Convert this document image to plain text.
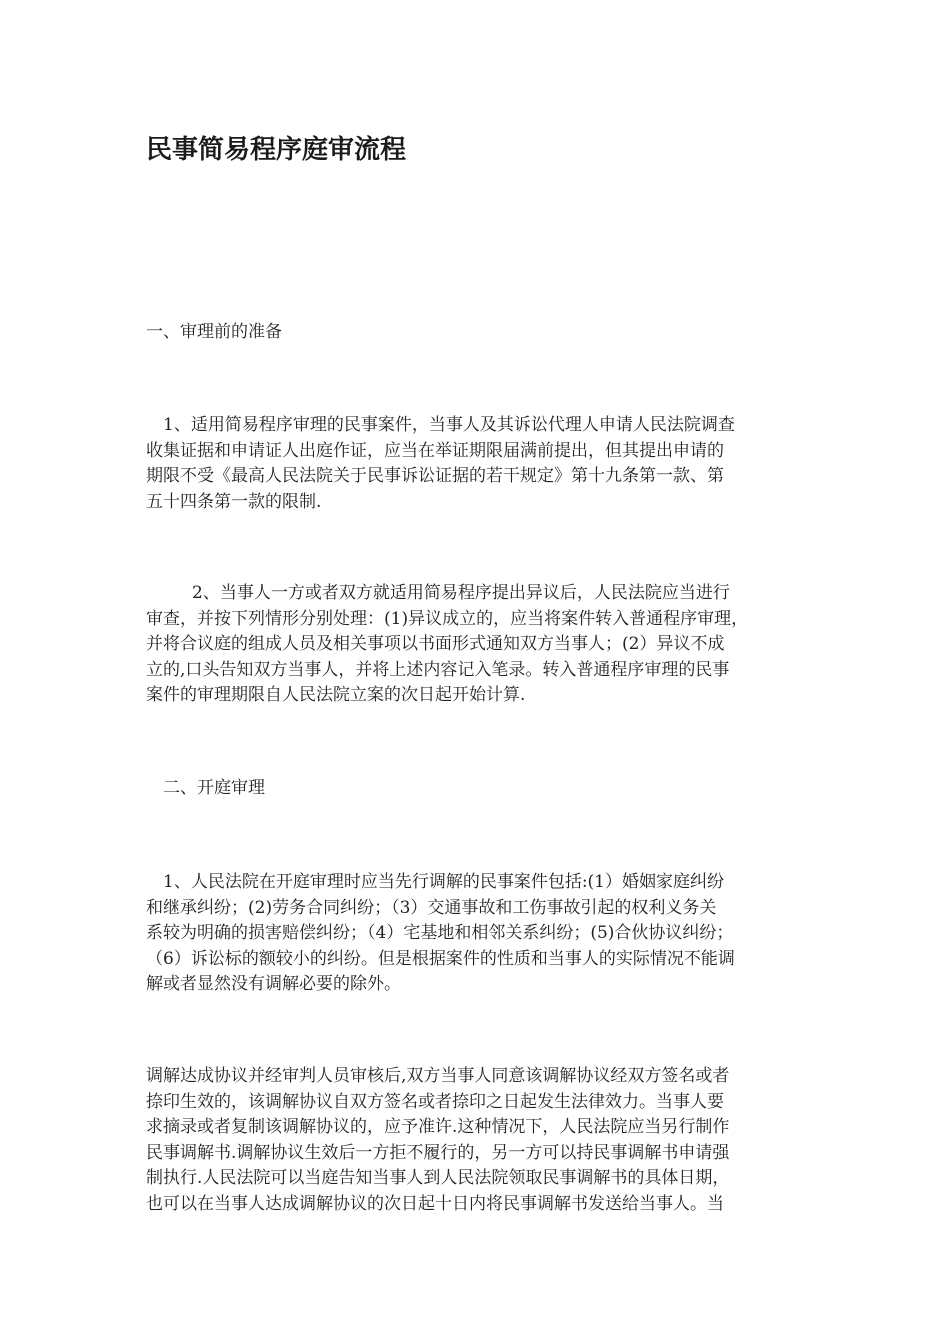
民事简易程序庭审流程

一、审理前的准备

1、适用简易程序审理的民事案件，当事人及其诉讼代理人申请人民法院调查
收集证据和申请证人出庭作证，应当在举证期限届满前提出，但其提出申请的
期限不受《最高人民法院关于民事诉讼证据的若干规定》第十九条第一款、第
五十四条第一款的限制.
2、当事人一方或者双方就适用简易程序提出异议后，人民法院应当进行
审查，并按下列情形分别处理：(1)异议成立的，应当将案件转入普通程序审理，
并将合议庭的组成人员及相关事项以书面形式通知双方当事人；(2）异议不成
立的,口头告知双方当事人，并将上述内容记入笔录。转入普通程序审理的民事
案件的审理期限自人民法院立案的次日起开始计算.

二、开庭审理

1、人民法院在开庭审理时应当先行调解的民事案件包括:(1）婚姻家庭纠纷
和继承纠纷；(2)劳务合同纠纷；（3）交通事故和工伤事故引起的权利义务关
系较为明确的损害赔偿纠纷；（4）宅基地和相邻关系纠纷；(5)合伙协议纠纷；
（6）诉讼标的额较小的纠纷。但是根据案件的性质和当事人的实际情况不能调
解或者显然没有调解必要的除外。
调解达成协议并经审判人员审核后,双方当事人同意该调解协议经双方签名或者
捺印生效的，该调解协议自双方签名或者捺印之日起发生法律效力。当事人要
求摘录或者复制该调解协议的，应予准许.这种情况下，人民法院应当另行制作
民事调解书.调解协议生效后一方拒不履行的，另一方可以持民事调解书申请强
制执行.人民法院可以当庭告知当事人到人民法院领取民事调解书的具体日期，
也可以在当事人达成调解协议的次日起十日内将民事调解书发送给当事人。当
